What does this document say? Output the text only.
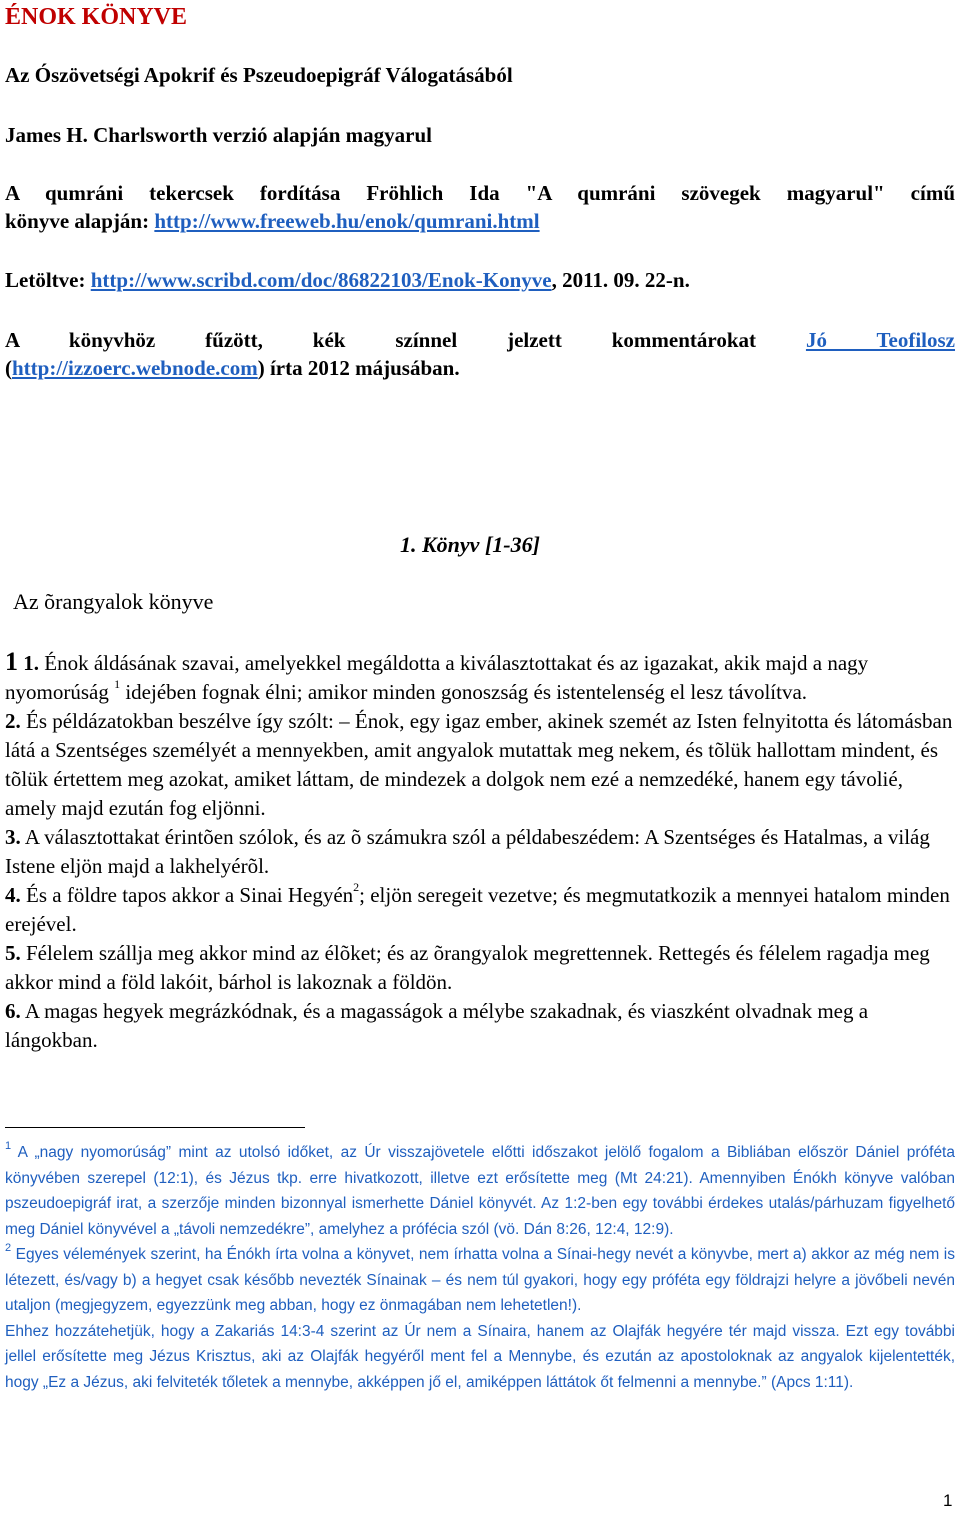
ÉNOK KÖNYVE
Az Ószövetségi Apokrif és Pszeudoepigráf Válogatásából
James H. Charlsworth verzió alapján magyarul
A qumráni tekercsek fordítása Fröhlich Ida "A qumráni szövegek magyarul" című
könyve alapján: http://www.freeweb.hu/enok/qumrani.html
Letöltve: http://www.scribd.com/doc/86822103/Enok-Konyve, 2011. 09. 22-n.
A könyvhöz fűzött, kék színnel jelzett kommentárokat Jó Teofilosz
(http://izzoerc.webnode.com) írta 2012 májusában.
1. Könyv [1-36]
Az õrangyalok könyve

1 1. Énok áldásának szavai, amelyekkel megáldotta a kiválasztottakat és az igazakat, akik majd a nagy nyomorúság $^1$ idejében fognak élni; amikor minden gonoszság és istentelenség el lesz távolítva.

2. És példázatokban beszélve így szólt: – Énok, egy igaz ember, akinek szemét az Isten felnyitotta és látomásban látá a Szentséges személyét a mennyekben, amit angyalok mutattak meg nekem, és tõlük hallottam mindent, és tõlük értettem meg azokat, amiket láttam, de mindezek a dolgok nem ezé a nemzedéké, hanem egy távolié, amely majd ezután fog eljönni.

3. A választottakat érintõen szólok, és az õ számukra szól a példabeszédem: A Szentséges és Hatalmas, a világ Istene eljön majd a lakhelyérõl.

4. És a földre tapos akkor a Sinai Hegyén$^2$; eljön seregeit vezetve; és megmutatkozik a mennyei hatalom minden erejével.

5. Félelem szállja meg akkor mind az élõket; és az õrangyalok megrettennek. Rettegés és félelem ragadja meg akkor mind a föld lakóit, bárhol is lakoznak a földön.

6. A magas hegyek megrázkódnak, és a magasságok a mélybe szakadnak, és viaszként olvadnak meg a lángokban.

$^1$ A „nagy nyomorúság” mint az utolsó időket, az Úr visszajövetele előtti időszakot jelölő fogalom a Bibliában először Dániel próféta könyvében szerepel (12:1), és Jézus tkp. erre hivatkozott, illetve ezt erősítette meg (Mt 24:21). Amennyiben Énókh könyve valóban pszeudoepigráf irat, a szerzője minden bizonnyal ismerhette Dániel könyvét. Az 1:2-ben egy további érdekes utalás/párhuzam figyelhető meg Dániel könyvével a „távoli nemzedékre”, amelyhez a prófécia szól (vö. Dán 8:26, 12:4, 12:9).

$^2$ Egyes vélemények szerint, ha Énókh írta volna a könyvet, nem írhatta volna a Sínai-hegy nevét a könyvbe, mert a) akkor az még nem is létezett, és/vagy b) a hegyet csak később nevezték Sínainak – és nem túl gyakori, hogy egy próféta egy földrajzi helyre a jövőbeli nevén utaljon (megjegyzem, egyezzünk meg abban, hogy ez önmagában nem lehetetlen!).

Ehhez hozzátehetjük, hogy a Zakariás 14:3-4 szerint az Úr nem a Sínaira, hanem az Olajfák hegyére tér majd vissza. Ezt egy további jellel erősítette meg Jézus Krisztus, aki az Olajfák hegyéről ment fel a Mennybe, és ezután az apostoloknak az angyalok kijelentették, hogy „Ez a Jézus, aki felviteték tőletek a mennybe, akképpen jő el, amiképpen láttátok őt felmenni a mennybe.” (Apcs 1:11).

1
